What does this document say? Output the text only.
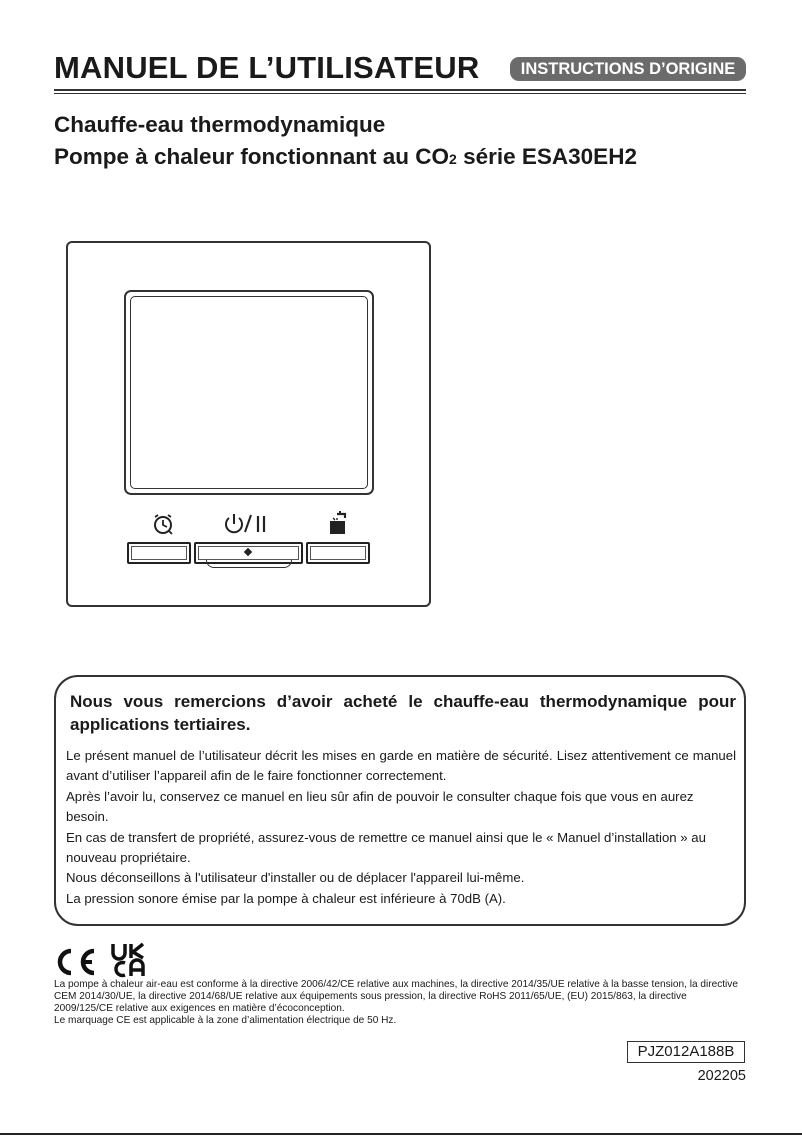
MANUEL DE L’UTILISATEUR	INSTRUCTIONS D’ORIGINE
Chauffe-eau thermodynamique
Pompe à chaleur fonctionnant au CO2 série ESA30EH2
Nous vous remercions d’avoir acheté le chauffe-eau thermodynamique pour applications tertiaires.

Le présent manuel de l’utilisateur décrit les mises en garde en matière de sécurité. Lisez attentivement ce manuel avant d’utiliser l’appareil afin de le faire fonctionner correctement.

Après l’avoir lu, conservez ce manuel en lieu sûr afin de pouvoir le consulter chaque fois que vous en aurez besoin.

En cas de transfert de propriété, assurez-vous de remettre ce manuel ainsi que le « Manuel d’installation » au nouveau propriétaire.

Nous déconseillons à l'utilisateur d'installer ou de déplacer l'appareil lui-même.

La pression sonore émise par la pompe à chaleur est inférieure à 70dB (A).

La pompe à chaleur air-eau est conforme à la directive 2006/42/CE relative aux machines, la directive 2014/35/UE relative à la basse tension, la directive CEM 2014/30/UE, la directive 2014/68/UE relative aux équipements sous pression, la directive RoHS 2011/65/UE, (EU) 2015/863, la directive 2009/125/CE relative aux exigences en matière d’écoconception.

Le marquage CE est applicable à la zone d’alimentation électrique de 50 Hz.

PJZ012A188B
202205
